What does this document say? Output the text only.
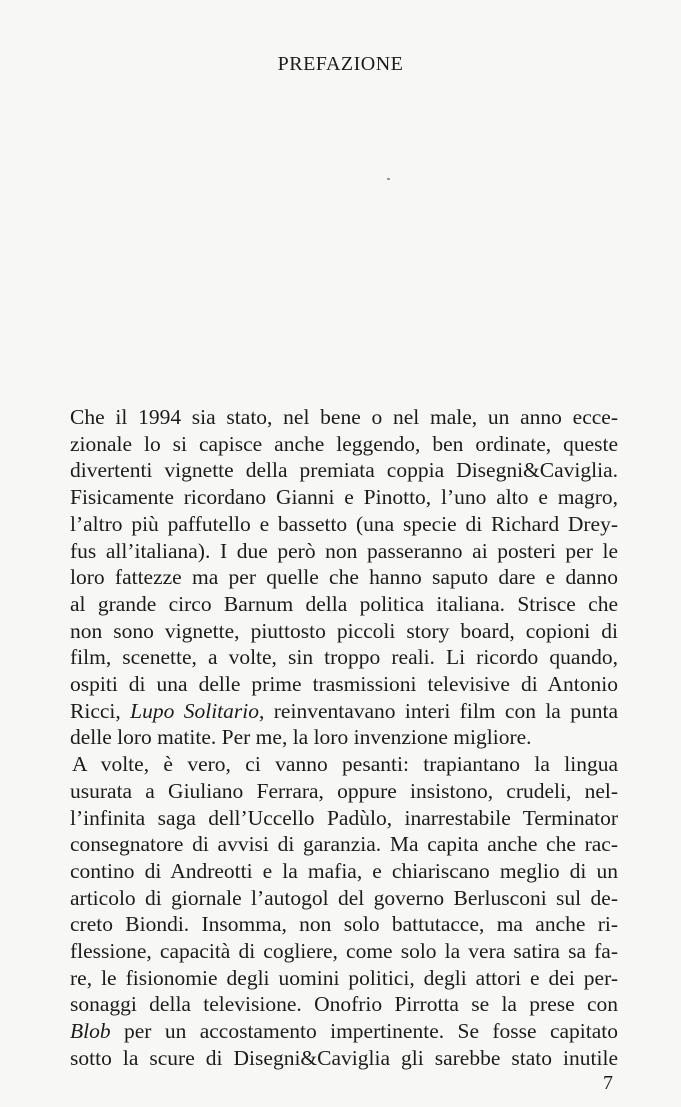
PREFAZIONE
Che il 1994 sia stato, nel bene o nel male, un anno ecce-
zionale lo si capisce anche leggendo, ben ordinate, queste
divertenti vignette della premiata coppia Disegni&Caviglia.
Fisicamente ricordano Gianni e Pinotto, l’uno alto e magro,
l’altro più paffutello e bassetto (una specie di Richard Drey-
fus all’italiana). I due però non passeranno ai posteri per le
loro fattezze ma per quelle che hanno saputo dare e danno
al grande circo Barnum della politica italiana. Strisce che
non sono vignette, piuttosto piccoli story board, copioni di
film, scenette, a volte, sin troppo reali. Li ricordo quando,
ospiti di una delle prime trasmissioni televisive di Antonio
Ricci, Lupo Solitario, reinventavano interi film con la punta
delle loro matite. Per me, la loro invenzione migliore.
A volte, è vero, ci vanno pesanti: trapiantano la lingua
usurata a Giuliano Ferrara, oppure insistono, crudeli, nel-
l’infinita saga dell’Uccello Padùlo, inarrestabile Terminator
consegnatore di avvisi di garanzia. Ma capita anche che rac-
contino di Andreotti e la mafia, e chiariscano meglio di un
articolo di giornale l’autogol del governo Berlusconi sul de-
creto Biondi. Insomma, non solo battutacce, ma anche ri-
flessione, capacità di cogliere, come solo la vera satira sa fa-
re, le fisionomie degli uomini politici, degli attori e dei per-
sonaggi della televisione. Onofrio Pirrotta se la prese con
Blob per un accostamento impertinente. Se fosse capitato
sotto la scure di Disegni&Caviglia gli sarebbe stato inutile
7
